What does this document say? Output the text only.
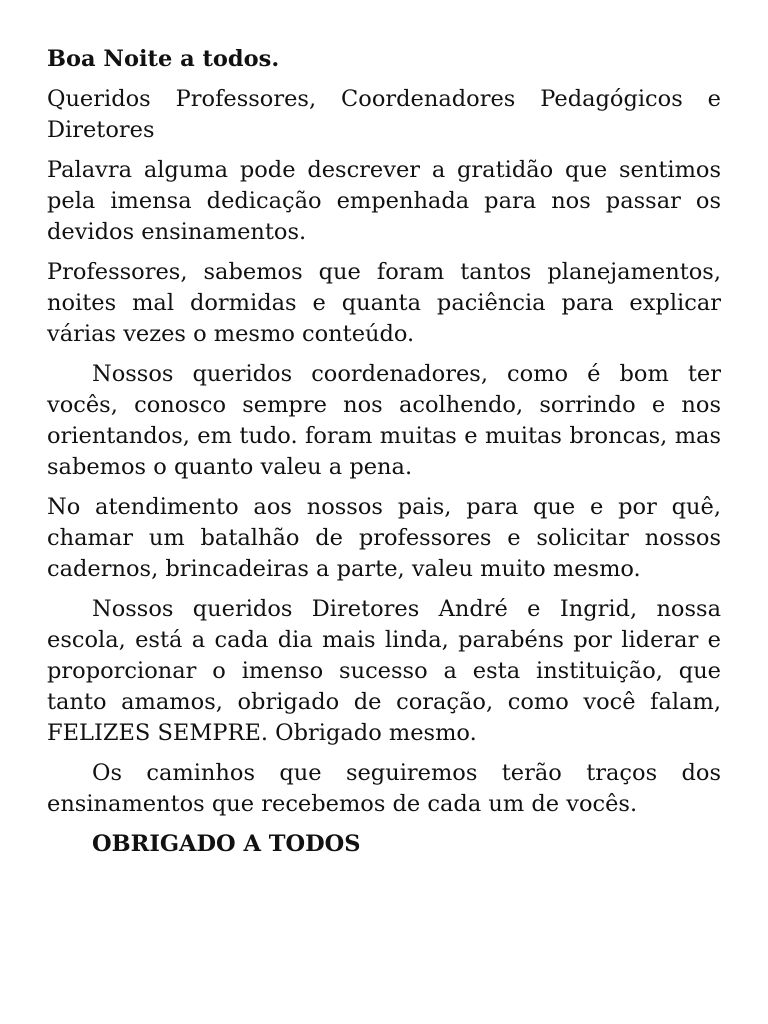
Boa Noite a todos.

Queridos Professores, Coordenadores Pedagógicos e Diretores

Palavra alguma pode descrever a gratidão que sentimos pela imensa dedicação empenhada para nos passar os devidos ensinamentos.

Professores, sabemos que foram tantos planejamentos, noites mal dormidas e quanta paciência para explicar várias vezes o mesmo conteúdo.

Nossos queridos coordenadores, como é bom ter vocês, conosco sempre nos acolhendo, sorrindo e nos orientandos, em tudo. foram muitas e muitas broncas, mas sabemos o quanto valeu a pena.

No atendimento aos nossos pais, para que e por quê, chamar um batalhão de professores e solicitar nossos cadernos, brincadeiras a parte, valeu muito mesmo.

Nossos queridos Diretores André e Ingrid, nossa escola, está a cada dia mais linda, parabéns por liderar e proporcionar o imenso sucesso a esta instituição, que tanto amamos, obrigado de coração, como você falam, FELIZES SEMPRE. Obrigado mesmo.

Os caminhos que seguiremos terão traços dos ensinamentos que recebemos de cada um de vocês.

OBRIGADO A TODOS
